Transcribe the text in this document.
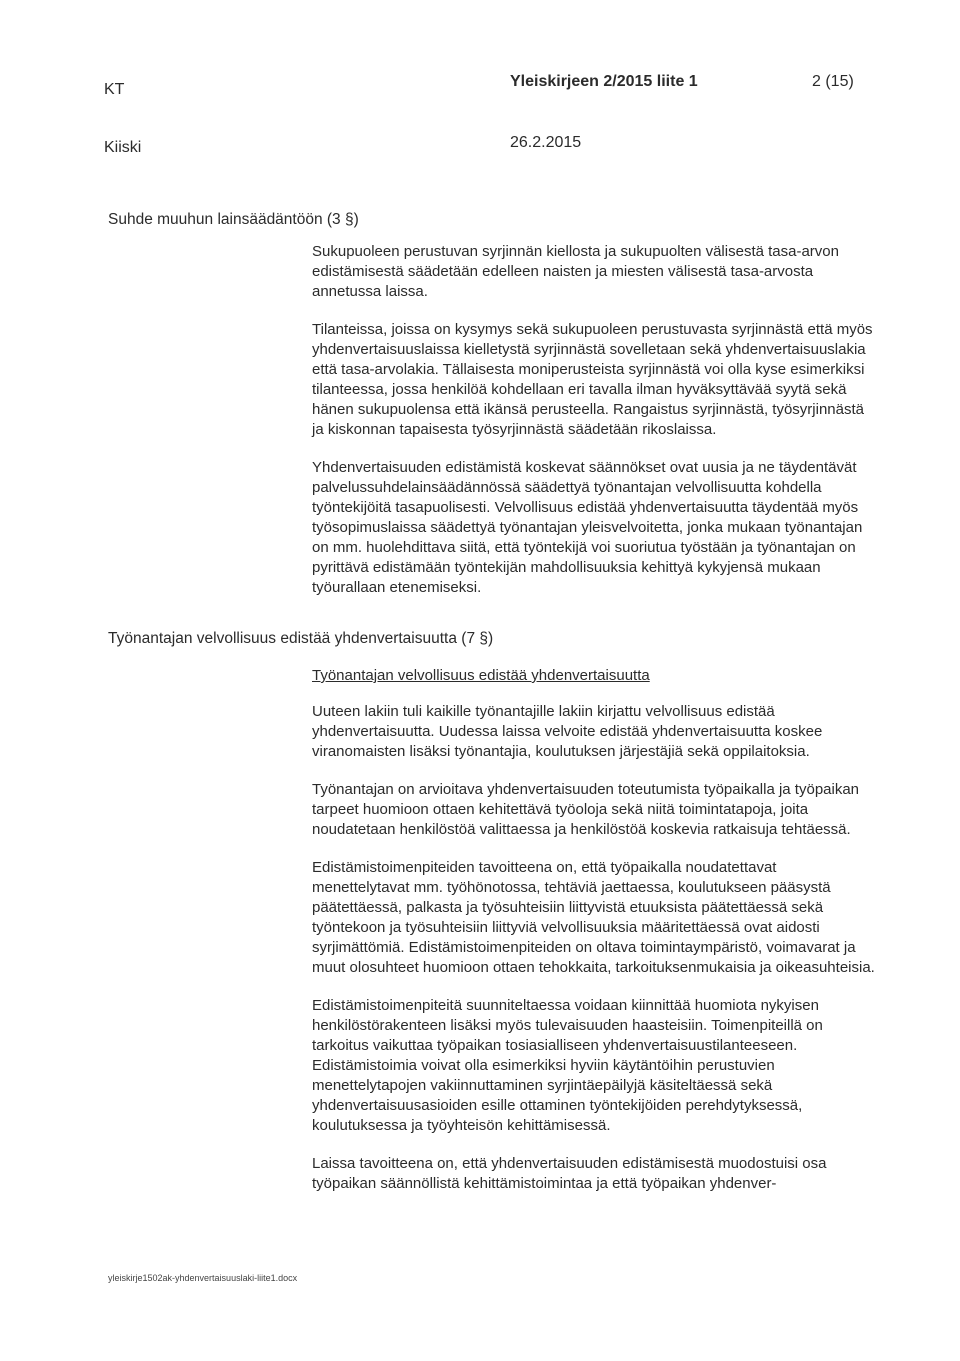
KT	Yleiskirjeen 2/2015 liite 1	2 (15)
Kiiski	26.2.2015
Suhde muuhun lainsäädäntöön (3 §)

Sukupuoleen perustuvan syrjinnän kiellosta ja sukupuolten välisestä tasa-arvon edistämisestä säädetään edelleen naisten ja miesten välisestä tasa-arvosta annetussa laissa.

Tilanteissa, joissa on kysymys sekä sukupuoleen perustuvasta syrjinnästä että myös yhdenvertaisuuslaissa kielletystä syrjinnästä sovelletaan sekä yhdenvertaisuuslakia että tasa-arvolakia. Tällaisesta moniperusteista syrjinnästä voi olla kyse esimerkiksi tilanteessa, jossa henkilöä kohdellaan eri tavalla ilman hyväksyttävää syytä sekä hänen sukupuolensa että ikänsä perusteella. Rangaistus syrjinnästä, työsyrjinnästä ja kiskonnan tapaisesta työsyrjinnästä säädetään rikoslaissa.

Yhdenvertaisuuden edistämistä koskevat säännökset ovat uusia ja ne täydentävät palvelussuhdelainsäädännössä säädettyä työnantajan velvollisuutta kohdella työntekijöitä tasapuolisesti. Velvollisuus edistää yhdenvertaisuutta täydentää myös työsopimuslaissa säädettyä työnantajan yleisvelvoitetta, jonka mukaan työnantajan on mm. huolehdittava siitä, että työntekijä voi suoriutua työstään ja työnantajan on pyrittävä edistämään työntekijän mahdollisuuksia kehittyä kykyjensä mukaan työurallaan etenemiseksi.

Työnantajan velvollisuus edistää yhdenvertaisuutta (7 §)
Työnantajan velvollisuus edistää yhdenvertaisuutta

Uuteen lakiin tuli kaikille työnantajille lakiin kirjattu velvollisuus edistää yhdenvertaisuutta. Uudessa laissa velvoite edistää yhdenvertaisuutta koskee viranomaisten lisäksi työnantajia, koulutuksen järjestäjiä sekä oppilaitoksia.

Työnantajan on arvioitava yhdenvertaisuuden toteutumista työpaikalla ja työpaikan tarpeet huomioon ottaen kehitettävä työoloja sekä niitä toimintatapoja, joita noudatetaan henkilöstöä valittaessa ja henkilöstöä koskevia ratkaisuja tehtäessä.

Edistämistoimenpiteiden tavoitteena on, että työpaikalla noudatettavat menettelytavat mm. työhönotossa, tehtäviä jaettaessa, koulutukseen pääsystä päätettäessä, palkasta ja työsuhteisiin liittyvistä etuuksista päätettäessä sekä työntekoon ja työsuhteisiin liittyviä velvollisuuksia määritettäessä ovat aidosti syrjimättömiä. Edistämistoimenpiteiden on oltava toimintaympäristö, voimavarat ja muut olosuhteet huomioon ottaen tehokkaita, tarkoituksenmukaisia ja oikeasuhteisia.

Edistämistoimenpiteitä suunniteltaessa voidaan kiinnittää huomiota nykyisen henkilöstörakenteen lisäksi myös tulevaisuuden haasteisiin. Toimenpiteillä on tarkoitus vaikuttaa työpaikan tosiasialliseen yhdenvertaisuustilanteeseen. Edistämistoimia voivat olla esimerkiksi hyviin käytäntöihin perustuvien menettelytapojen vakiinnuttaminen syrjintäepäilyjä käsiteltäessä sekä yhdenvertaisuusasioiden esille ottaminen työntekijöiden perehdytyksessä, koulutuksessa ja työyhteisön kehittämisessä.

Laissa tavoitteena on, että yhdenvertaisuuden edistämisestä muodostuisi osa työpaikan säännöllistä kehittämistoimintaa ja että työpaikan yhdenver-

yleiskirje1502ak-yhdenvertaisuuslaki-liite1.docx
